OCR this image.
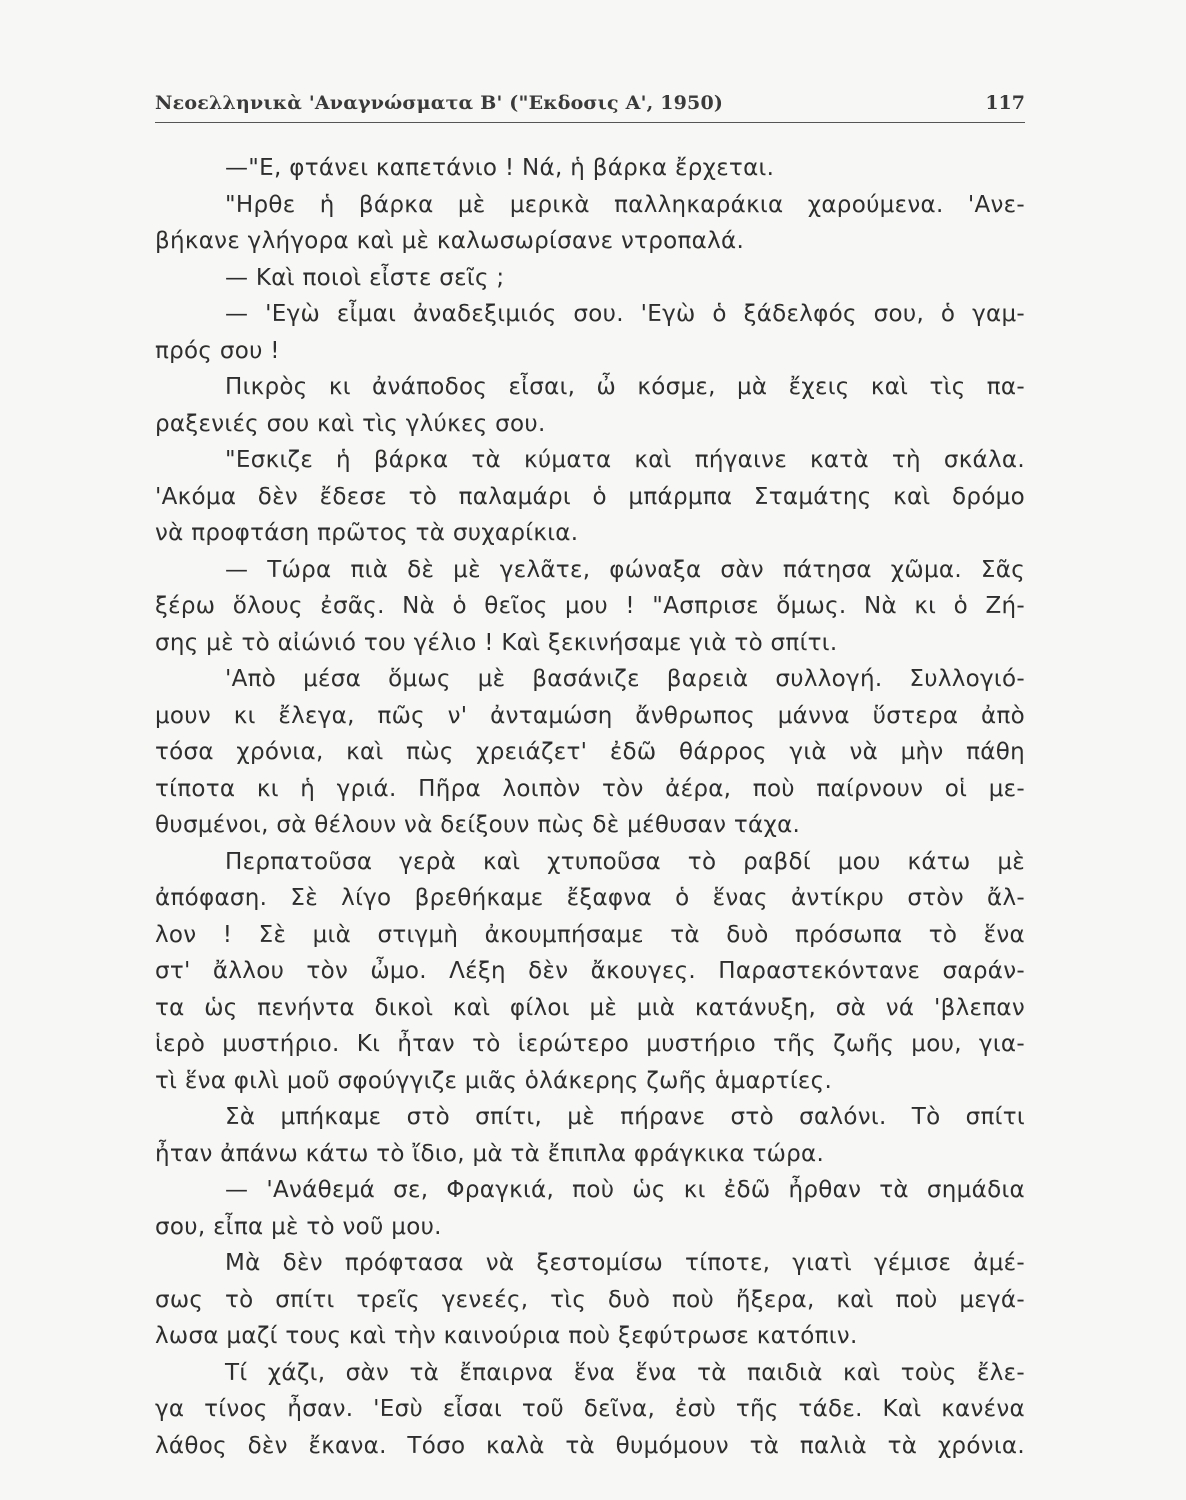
Νεοελληνικὰ 'Αναγνώσματα Β' ("Εκδοσις Α', 1950)	117
—"Ε, φτάνει καπετάνιο ! Νά, ἡ βάρκα ἔρχεται.
"Ηρθε ἡ βάρκα μὲ μερικὰ παλληκαράκια χαρούμενα. 'Ανε-
βήκανε γλήγορα καὶ μὲ καλωσωρίσανε ντροπαλά.
— Καὶ ποιοὶ εἶστε σεῖς ;
— 'Εγὼ εἶμαι ἀναδεξιμιός σου. 'Εγὼ ὁ ξάδελφός σου, ὁ γαμ-
πρός σου !
Πικρὸς κι ἀνάποδος εἶσαι, ὦ κόσμε, μὰ ἔχεις καὶ τὶς πα-
ραξενιές σου καὶ τὶς γλύκες σου.
"Εσκιζε ἡ βάρκα τὰ κύματα καὶ πήγαινε κατὰ τὴ σκάλα.
'Ακόμα δὲν ἔδεσε τὸ παλαμάρι ὁ μπάρμπα Σταμάτης καὶ δρόμο
νὰ προφτάση πρῶτος τὰ συχαρίκια.
— Τώρα πιὰ δὲ μὲ γελᾶτε, φώναξα σὰν πάτησα χῶμα. Σᾶς
ξέρω ὅλους ἐσᾶς. Νὰ ὁ θεῖος μου ! "Ασπρισε ὅμως. Νὰ κι ὁ Ζή-
σης μὲ τὸ αἰώνιό του γέλιο ! Καὶ ξεκινήσαμε γιὰ τὸ σπίτι.
'Απὸ μέσα ὅμως μὲ βασάνιζε βαρειὰ συλλογή. Συλλογιό-
μουν κι ἔλεγα, πῶς ν' ἀνταμώση ἄνθρωπος μάννα ὕστερα ἀπὸ
τόσα χρόνια, καὶ πὼς χρειάζετ' ἐδῶ θάρρος γιὰ νὰ μὴν πάθη
τίποτα κι ἡ γριά. Πῆρα λοιπὸν τὸν ἀέρα, ποὺ παίρνουν οἱ με-
θυσμένοι, σὰ θέλουν νὰ δείξουν πὼς δὲ μέθυσαν τάχα.
Περπατοῦσα γερὰ καὶ χτυποῦσα τὸ ραβδί μου κάτω μὲ
ἀπόφαση. Σὲ λίγο βρεθήκαμε ἔξαφνα ὁ ἕνας ἀντίκρυ στὸν ἄλ-
λον ! Σὲ μιὰ στιγμὴ ἀκουμπήσαμε τὰ δυὸ πρόσωπα τὸ ἕνα
στ' ἄλλου τὸν ὦμο. Λέξη δὲν ἄκουγες. Παραστεκόντανε σαράν-
τα ὡς πενήντα δικοὶ καὶ φίλοι μὲ μιὰ κατάνυξη, σὰ νά 'βλεπαν
ἱερὸ μυστήριο. Κι ἦταν τὸ ἱερώτερο μυστήριο τῆς ζωῆς μου, για-
τὶ ἕνα φιλὶ μοῦ σφούγγιζε μιᾶς ὁλάκερης ζωῆς ἁμαρτίες.
Σὰ μπήκαμε στὸ σπίτι, μὲ πήρανε στὸ σαλόνι. Τὸ σπίτι
ἦταν ἀπάνω κάτω τὸ ἴδιο, μὰ τὰ ἔπιπλα φράγκικα τώρα.
— 'Ανάθεμά σε, Φραγκιά, ποὺ ὡς κι ἐδῶ ἦρθαν τὰ σημάδια
σου, εἶπα μὲ τὸ νοῦ μου.
Μὰ δὲν πρόφτασα νὰ ξεστομίσω τίποτε, γιατὶ γέμισε ἀμέ-
σως τὸ σπίτι τρεῖς γενεές, τὶς δυὸ ποὺ ἤξερα, καὶ ποὺ μεγά-
λωσα μαζί τους καὶ τὴν καινούρια ποὺ ξεφύτρωσε κατόπιν.
Τί χάζι, σὰν τὰ ἔπαιρνα ἕνα ἕνα τὰ παιδιὰ καὶ τοὺς ἔλε-
γα τίνος ἦσαν. 'Εσὺ εἶσαι τοῦ δεῖνα, ἐσὺ τῆς τάδε. Καὶ κανένα
λάθος δὲν ἔκανα. Τόσο καλὰ τὰ θυμόμουν τὰ παλιὰ τὰ χρόνια.
